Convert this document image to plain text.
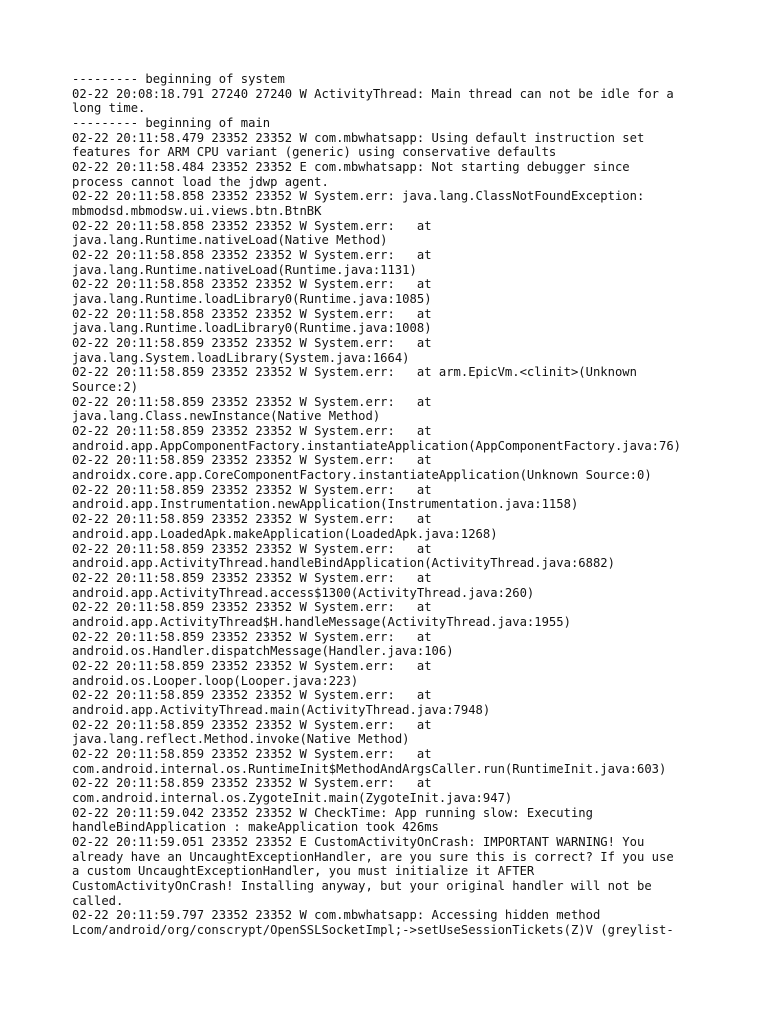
--------- beginning of system
02-22 20:08:18.791 27240 27240 W ActivityThread: Main thread can not be idle for a
long time.
--------- beginning of main
02-22 20:11:58.479 23352 23352 W com.mbwhatsapp: Using default instruction set
features for ARM CPU variant (generic) using conservative defaults
02-22 20:11:58.484 23352 23352 E com.mbwhatsapp: Not starting debugger since
process cannot load the jdwp agent.
02-22 20:11:58.858 23352 23352 W System.err: java.lang.ClassNotFoundException:
mbmodsd.mbmodsw.ui.views.btn.BtnBK
02-22 20:11:58.858 23352 23352 W System.err:   at
java.lang.Runtime.nativeLoad(Native Method)
02-22 20:11:58.858 23352 23352 W System.err:   at
java.lang.Runtime.nativeLoad(Runtime.java:1131)
02-22 20:11:58.858 23352 23352 W System.err:   at
java.lang.Runtime.loadLibrary0(Runtime.java:1085)
02-22 20:11:58.858 23352 23352 W System.err:   at
java.lang.Runtime.loadLibrary0(Runtime.java:1008)
02-22 20:11:58.859 23352 23352 W System.err:   at
java.lang.System.loadLibrary(System.java:1664)
02-22 20:11:58.859 23352 23352 W System.err:   at arm.EpicVm.<clinit>(Unknown
Source:2)
02-22 20:11:58.859 23352 23352 W System.err:   at
java.lang.Class.newInstance(Native Method)
02-22 20:11:58.859 23352 23352 W System.err:   at
android.app.AppComponentFactory.instantiateApplication(AppComponentFactory.java:76)
02-22 20:11:58.859 23352 23352 W System.err:   at
androidx.core.app.CoreComponentFactory.instantiateApplication(Unknown Source:0)
02-22 20:11:58.859 23352 23352 W System.err:   at
android.app.Instrumentation.newApplication(Instrumentation.java:1158)
02-22 20:11:58.859 23352 23352 W System.err:   at
android.app.LoadedApk.makeApplication(LoadedApk.java:1268)
02-22 20:11:58.859 23352 23352 W System.err:   at
android.app.ActivityThread.handleBindApplication(ActivityThread.java:6882)
02-22 20:11:58.859 23352 23352 W System.err:   at
android.app.ActivityThread.access$1300(ActivityThread.java:260)
02-22 20:11:58.859 23352 23352 W System.err:   at
android.app.ActivityThread$H.handleMessage(ActivityThread.java:1955)
02-22 20:11:58.859 23352 23352 W System.err:   at
android.os.Handler.dispatchMessage(Handler.java:106)
02-22 20:11:58.859 23352 23352 W System.err:   at
android.os.Looper.loop(Looper.java:223)
02-22 20:11:58.859 23352 23352 W System.err:   at
android.app.ActivityThread.main(ActivityThread.java:7948)
02-22 20:11:58.859 23352 23352 W System.err:   at
java.lang.reflect.Method.invoke(Native Method)
02-22 20:11:58.859 23352 23352 W System.err:   at
com.android.internal.os.RuntimeInit$MethodAndArgsCaller.run(RuntimeInit.java:603)
02-22 20:11:58.859 23352 23352 W System.err:   at
com.android.internal.os.ZygoteInit.main(ZygoteInit.java:947)
02-22 20:11:59.042 23352 23352 W CheckTime: App running slow: Executing
handleBindApplication : makeApplication took 426ms
02-22 20:11:59.051 23352 23352 E CustomActivityOnCrash: IMPORTANT WARNING! You
already have an UncaughtExceptionHandler, are you sure this is correct? If you use
a custom UncaughtExceptionHandler, you must initialize it AFTER
CustomActivityOnCrash! Installing anyway, but your original handler will not be
called.
02-22 20:11:59.797 23352 23352 W com.mbwhatsapp: Accessing hidden method
Lcom/android/org/conscrypt/OpenSSLSocketImpl;->setUseSessionTickets(Z)V (greylist-
